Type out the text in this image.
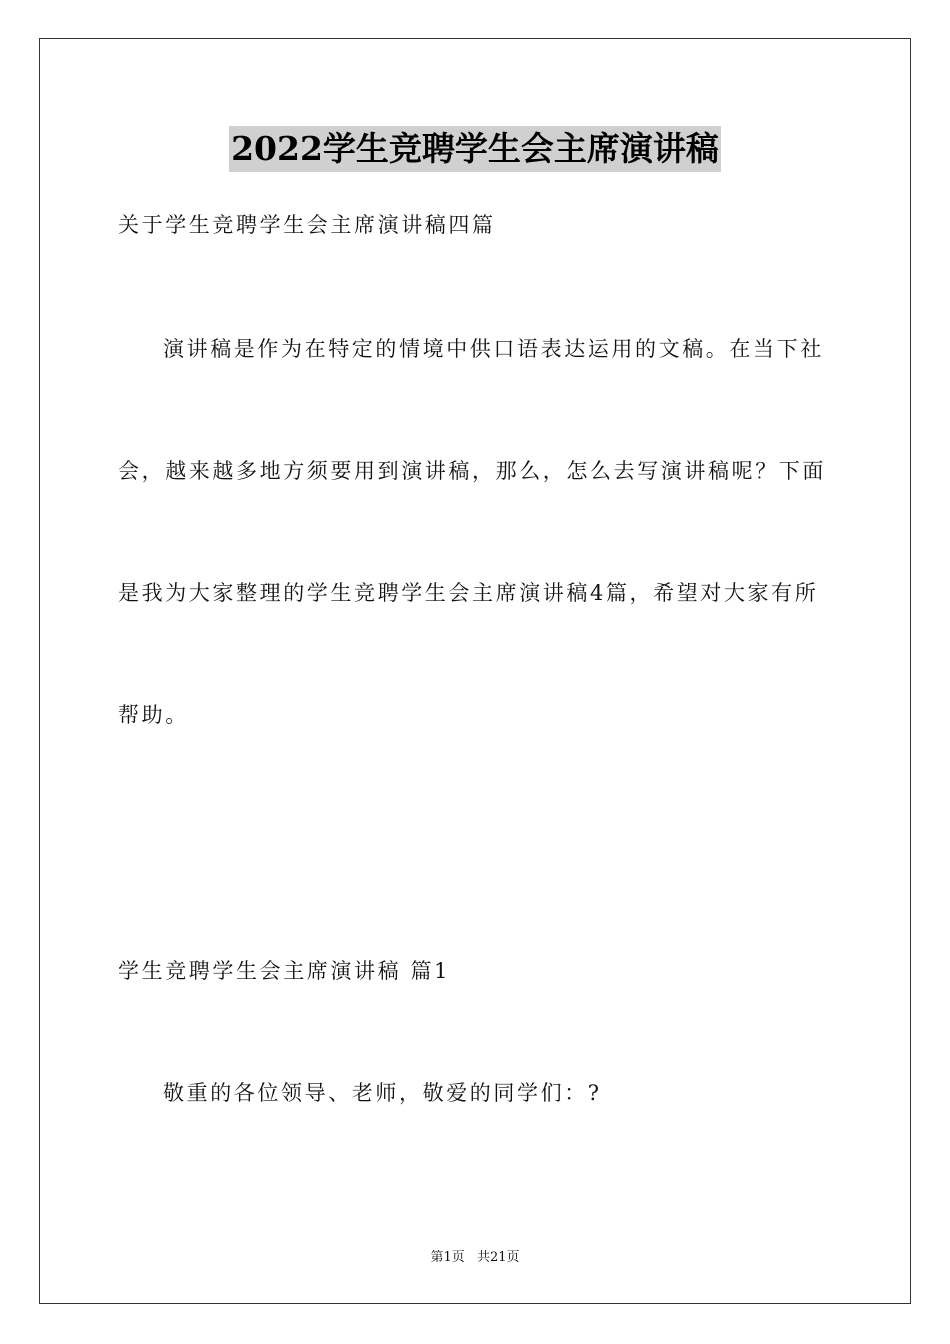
2022学生竞聘学生会主席演讲稿
关于学生竞聘学生会主席演讲稿四篇
演讲稿是作为在特定的情境中供口语表达运用的文稿。在当下社
会，越来越多地方须要用到演讲稿，那么，怎么去写演讲稿呢？下面
是我为大家整理的学生竞聘学生会主席演讲稿4篇，希望对大家有所
帮助。
学生竞聘学生会主席演讲稿 篇1
敬重的各位领导、老师，敬爱的同学们：?
第1页 共21页
